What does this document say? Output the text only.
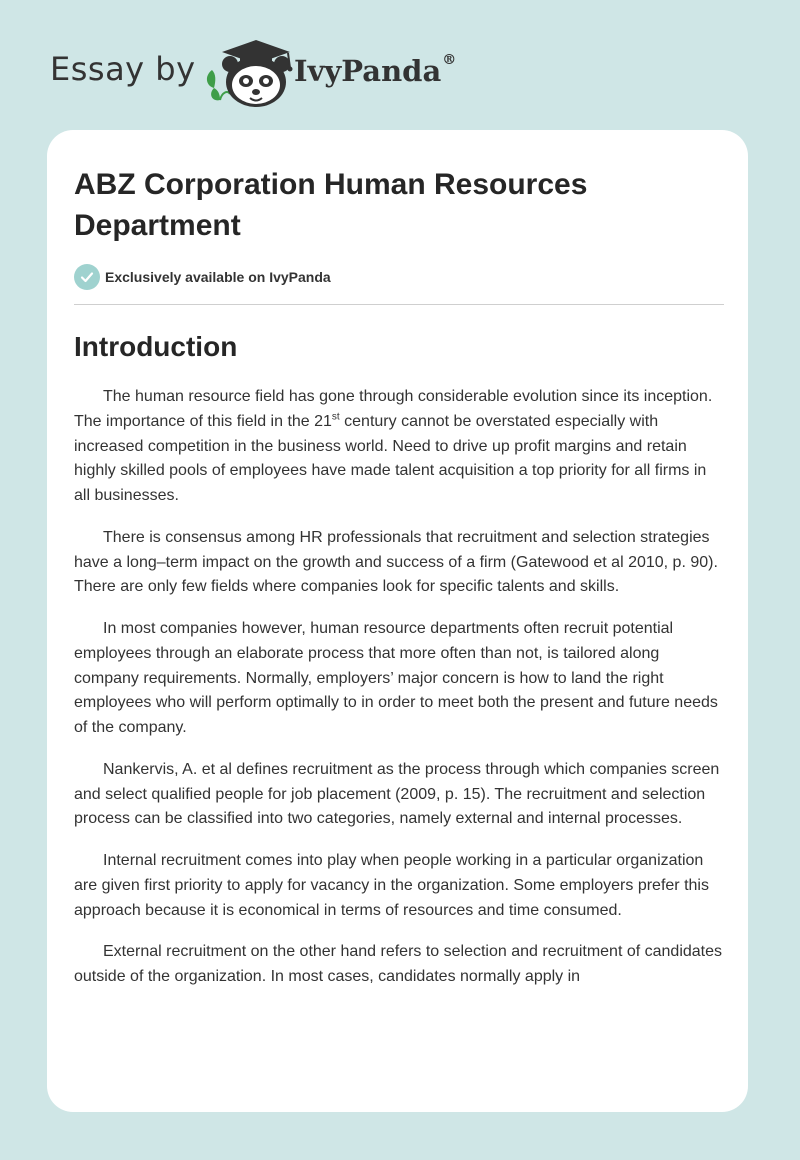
Essay by	IvyPanda®
ABZ Corporation Human Resources Department
Exclusively available on IvyPanda
Introduction

The human resource field has gone through considerable evolution since its inception. The importance of this field in the 21st century cannot be overstated especially with increased competition in the business world. Need to drive up profit margins and retain highly skilled pools of employees have made talent acquisition a top priority for all firms in all businesses.

There is consensus among HR professionals that recruitment and selection strategies have a long–term impact on the growth and success of a firm (Gatewood et al 2010, p. 90). There are only few fields where companies look for specific talents and skills.

In most companies however, human resource departments often recruit potential employees through an elaborate process that more often than not, is tailored along company requirements. Normally, employers’ major concern is how to land the right employees who will perform optimally to in order to meet both the present and future needs of the company.

Nankervis, A. et al defines recruitment as the process through which companies screen and select qualified people for job placement (2009, p. 15). The recruitment and selection process can be classified into two categories, namely external and internal processes.

Internal recruitment comes into play when people working in a particular organization are given first priority to apply for vacancy in the organization. Some employers prefer this approach because it is economical in terms of resources and time consumed.

External recruitment on the other hand refers to selection and recruitment of candidates outside of the organization. In most cases, candidates normally apply in
